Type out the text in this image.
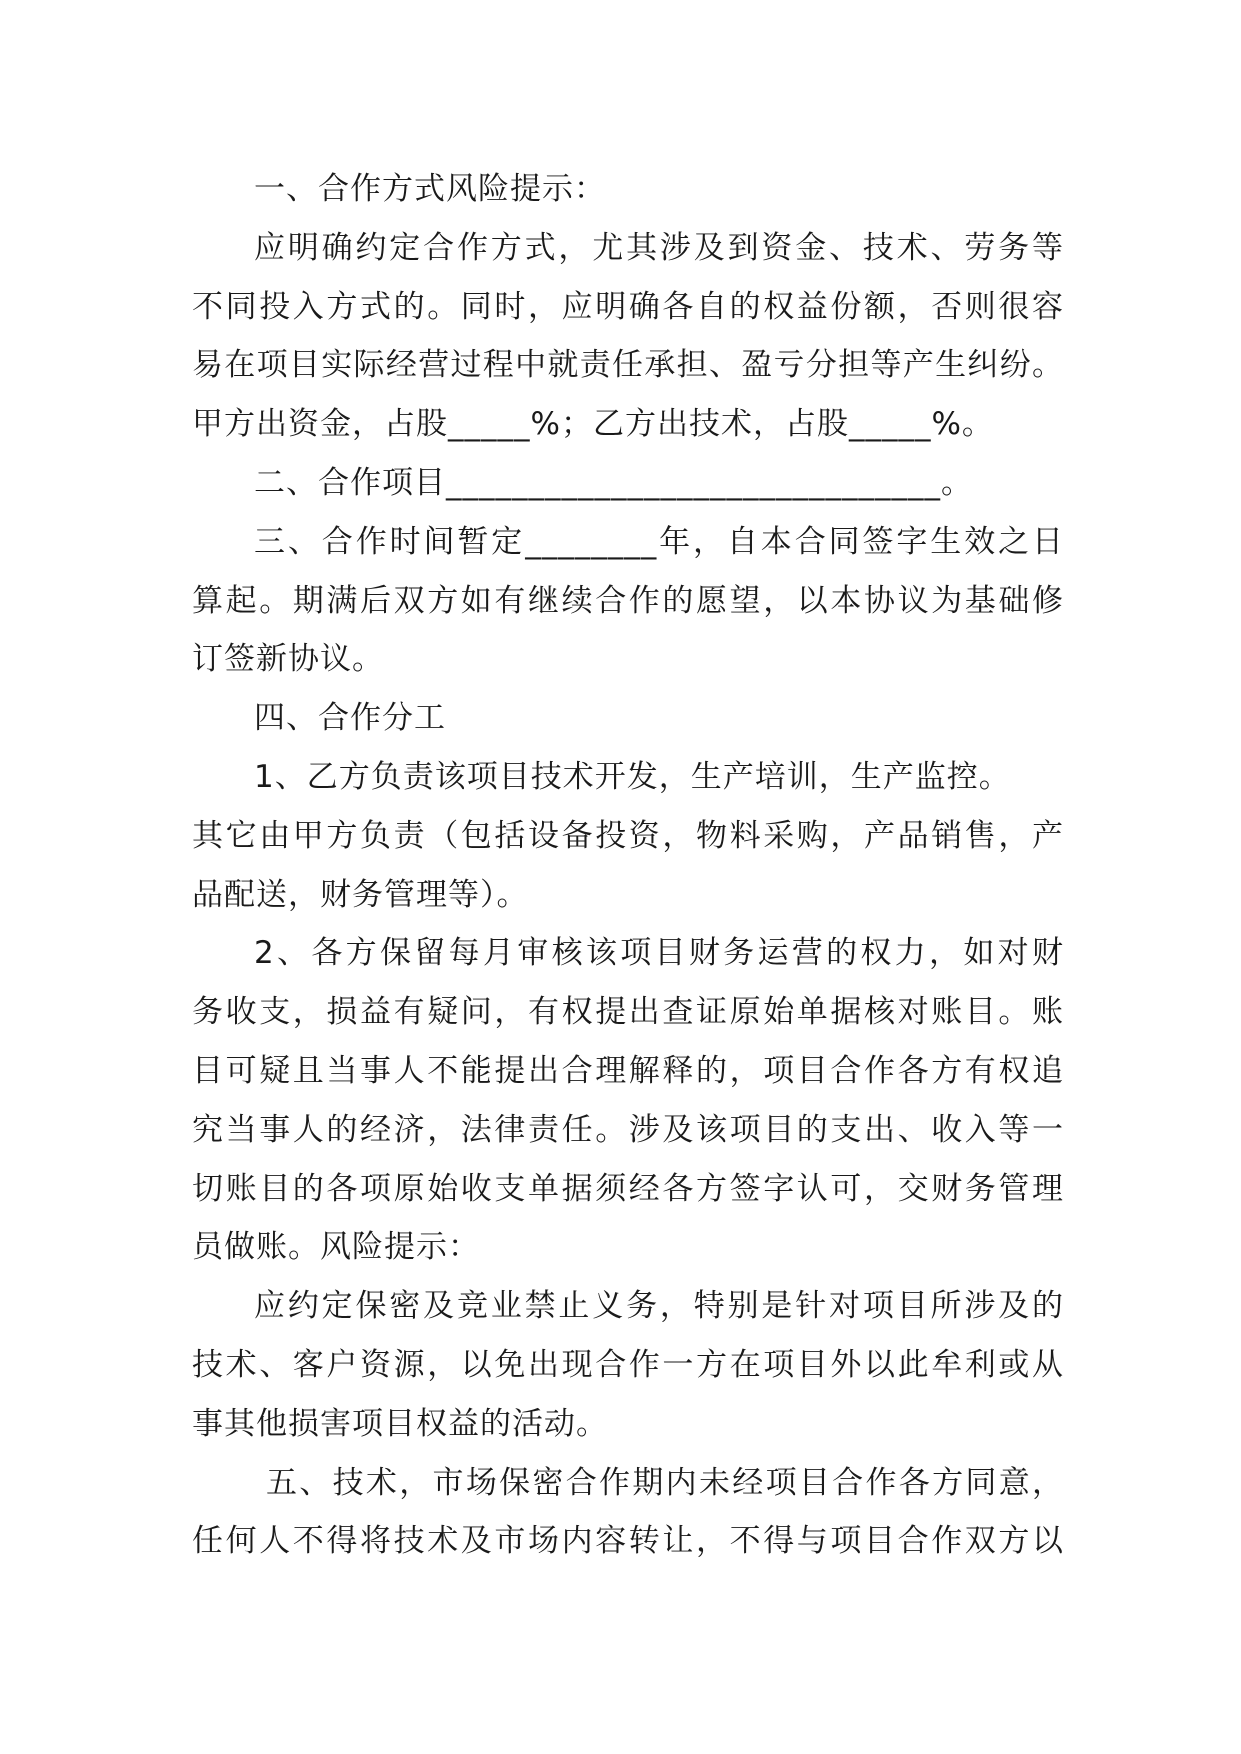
一、合作方式风险提示：
应明确约定合作方式，尤其涉及到资金、技术、劳务等
不同投入方式的。同时，应明确各自的权益份额，否则很容
易在项目实际经营过程中就责任承担、盈亏分担等产生纠纷。
甲方出资金，占股_____%；乙方出技术，占股_____%。
二、合作项目______________________________。
三、合作时间暂定________年，自本合同签字生效之日
算起。期满后双方如有继续合作的愿望，以本协议为基础修
订签新协议。
四、合作分工
1、乙方负责该项目技术开发，生产培训，生产监控。
其它由甲方负责（包括设备投资，物料采购，产品销售，产
品配送，财务管理等）。
2、各方保留每月审核该项目财务运营的权力，如对财
务收支，损益有疑问，有权提出查证原始单据核对账目。账
目可疑且当事人不能提出合理解释的，项目合作各方有权追
究当事人的经济，法律责任。涉及该项目的支出、收入等一
切账目的各项原始收支单据须经各方签字认可，交财务管理
员做账。风险提示：
应约定保密及竞业禁止义务，特别是针对项目所涉及的
技术、客户资源，以免出现合作一方在项目外以此牟利或从
事其他损害项目权益的活动。
五、技术，市场保密合作期内未经项目合作各方同意，
任何人不得将技术及市场内容转让，不得与项目合作双方以
